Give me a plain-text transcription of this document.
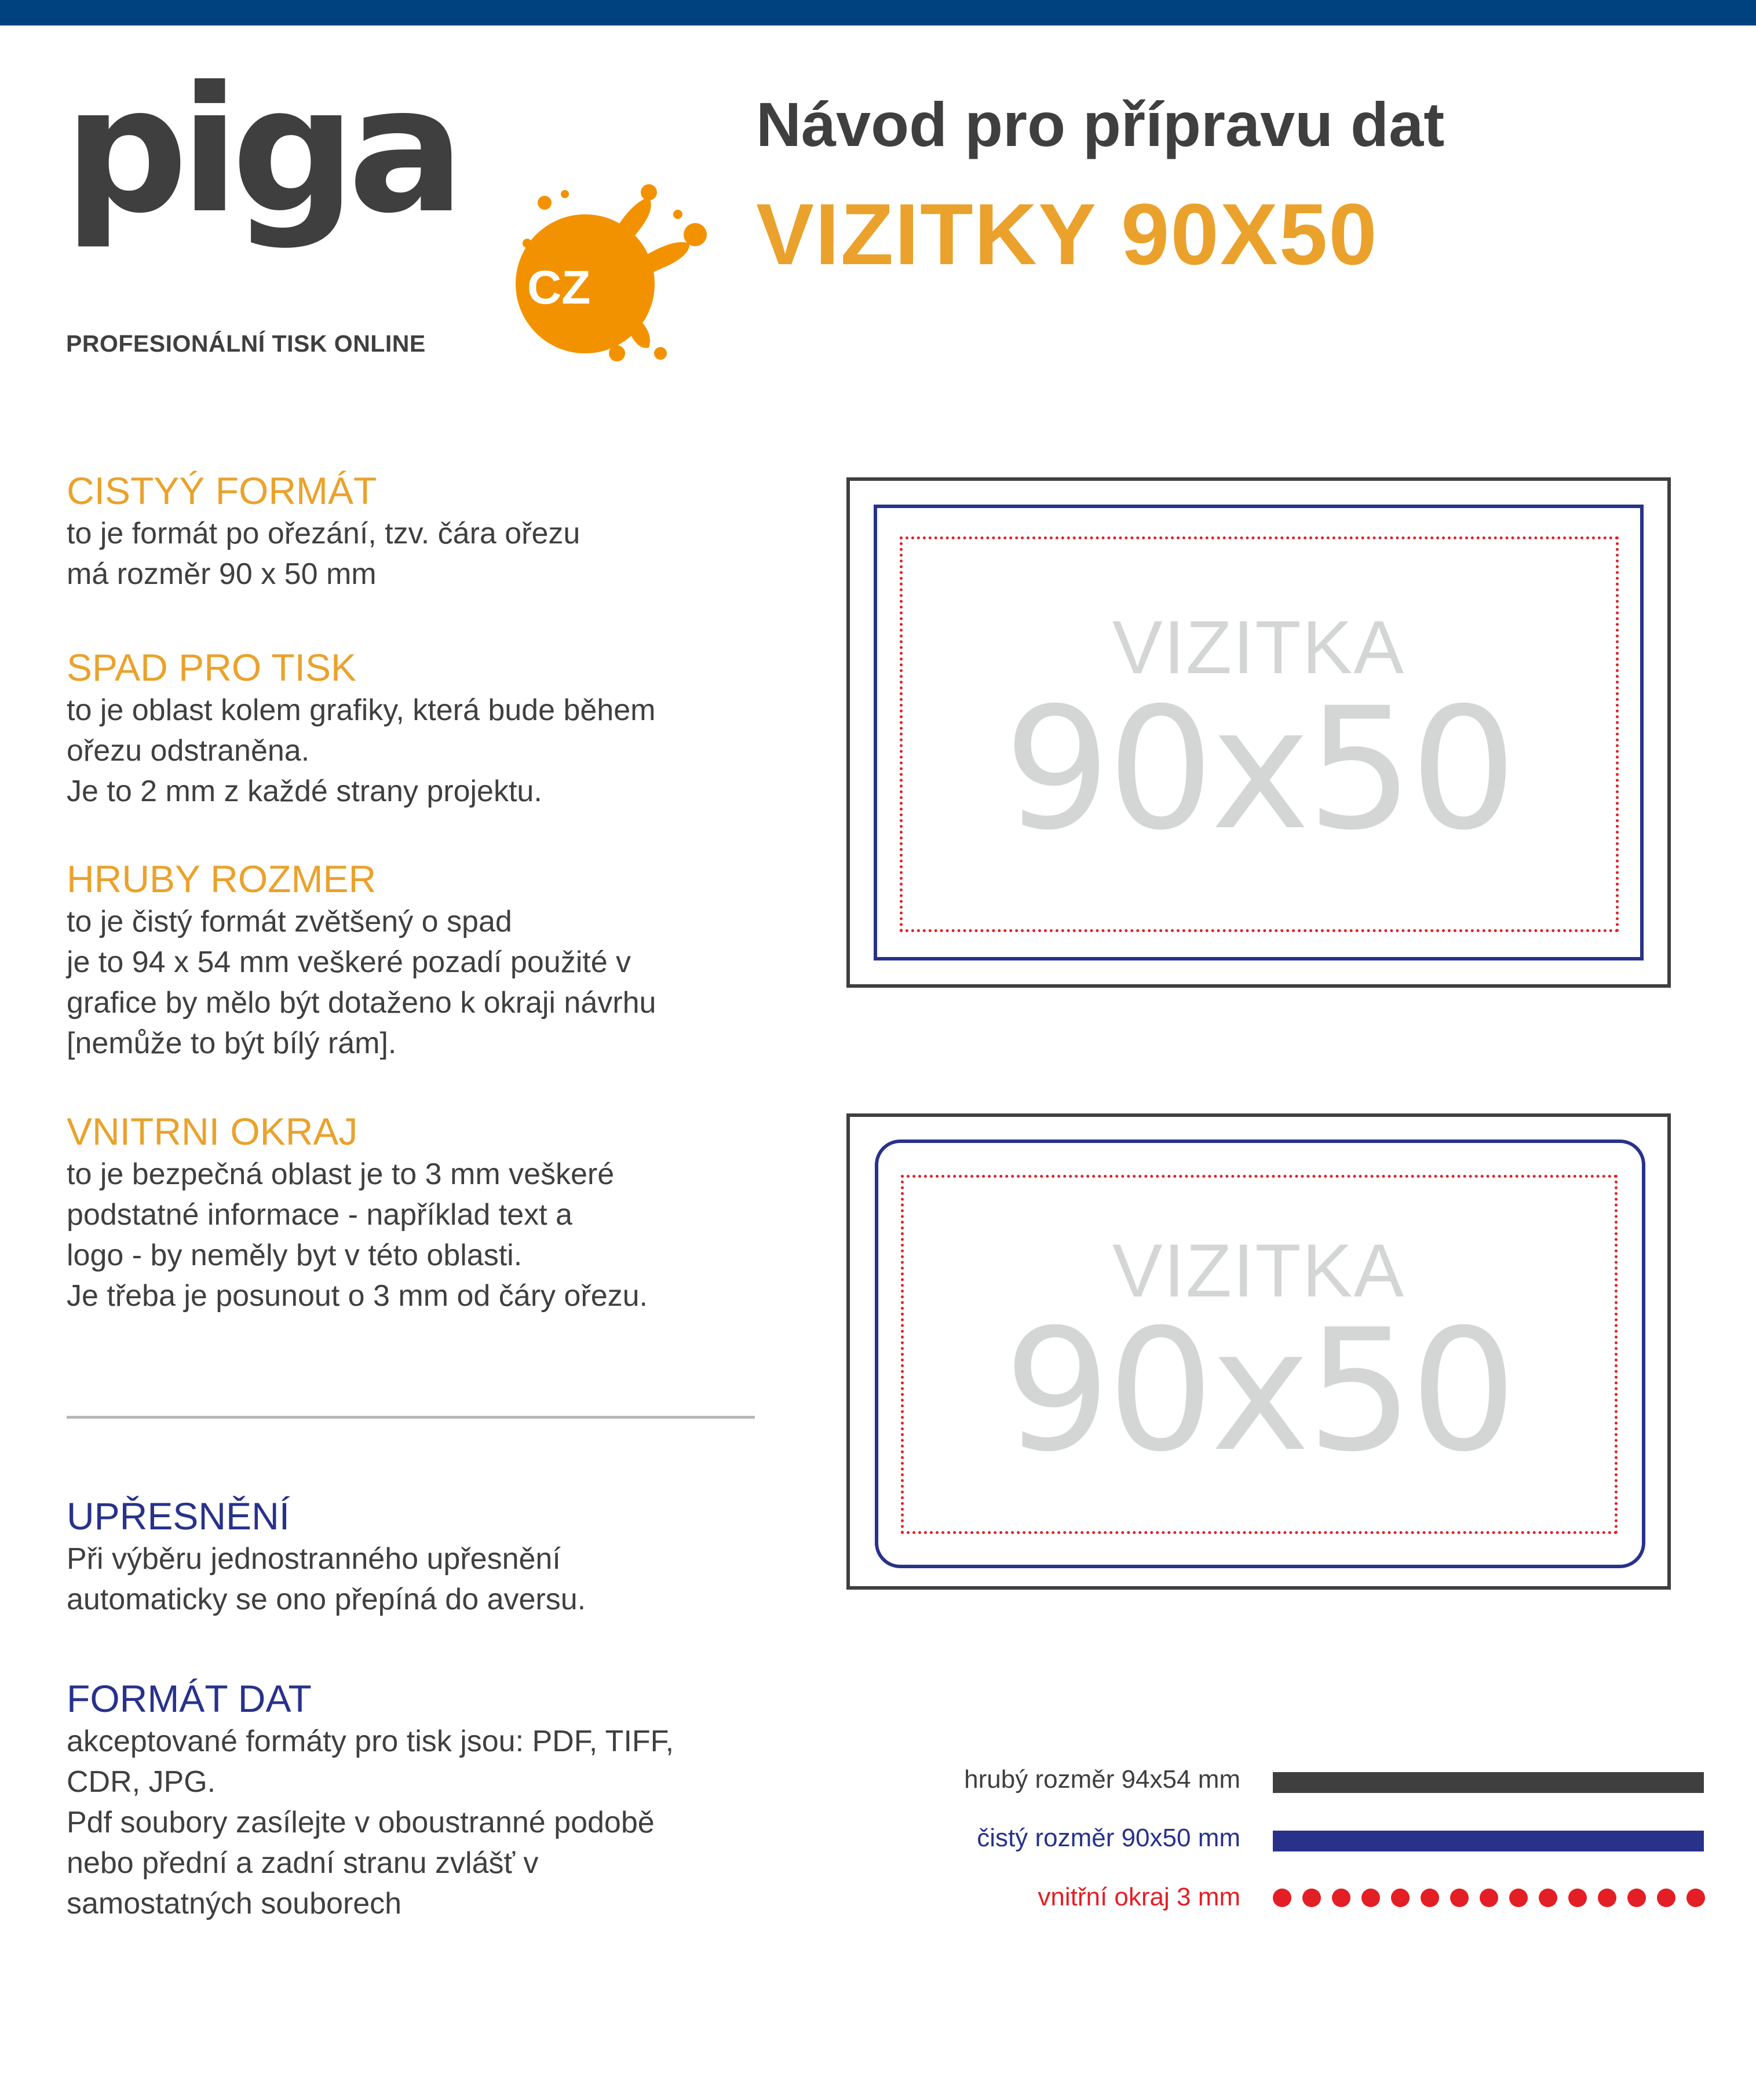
piga
CZ
PROFESIONÁLNÍ TISK ONLINE
Návod pro přípravu dat
VIZITKY 90X50
CISTYÝ FORMÁT

to je formát po ořezání, tzv. čára ořezu

má rozměr 90 x 50 mm

SPAD PRO TISK

to je oblast kolem grafiky, která bude během

ořezu odstraněna.

Je to 2 mm z každé strany projektu.

HRUBY ROZMER

to je čistý formát zvětšený o spad

je to 94 x 54 mm veškeré pozadí použité v

grafice by mělo být dotaženo k okraji návrhu

[nemůže to být bílý rám].

VNITRNI OKRAJ

to je bezpečná oblast je to 3 mm veškeré

podstatné informace - například text a

logo - by neměly byt v této oblasti.

Je třeba je posunout o 3 mm od čáry ořezu.

UPŘESNĚNÍ

Při výběru jednostranného upřesnění

automaticky se ono přepíná do aversu.

FORMÁT DAT

akceptované formáty pro tisk jsou: PDF, TIFF,

CDR, JPG.

Pdf soubory zasílejte v oboustranné podobě

nebo přední a zadní stranu zvlášť v

samostatných souborech

VIZITKA
90x50
VIZITKA
90x50
hrubý rozměr 94x54 mm
čistý rozměr 90x50 mm
vnitřní okraj 3 mm
